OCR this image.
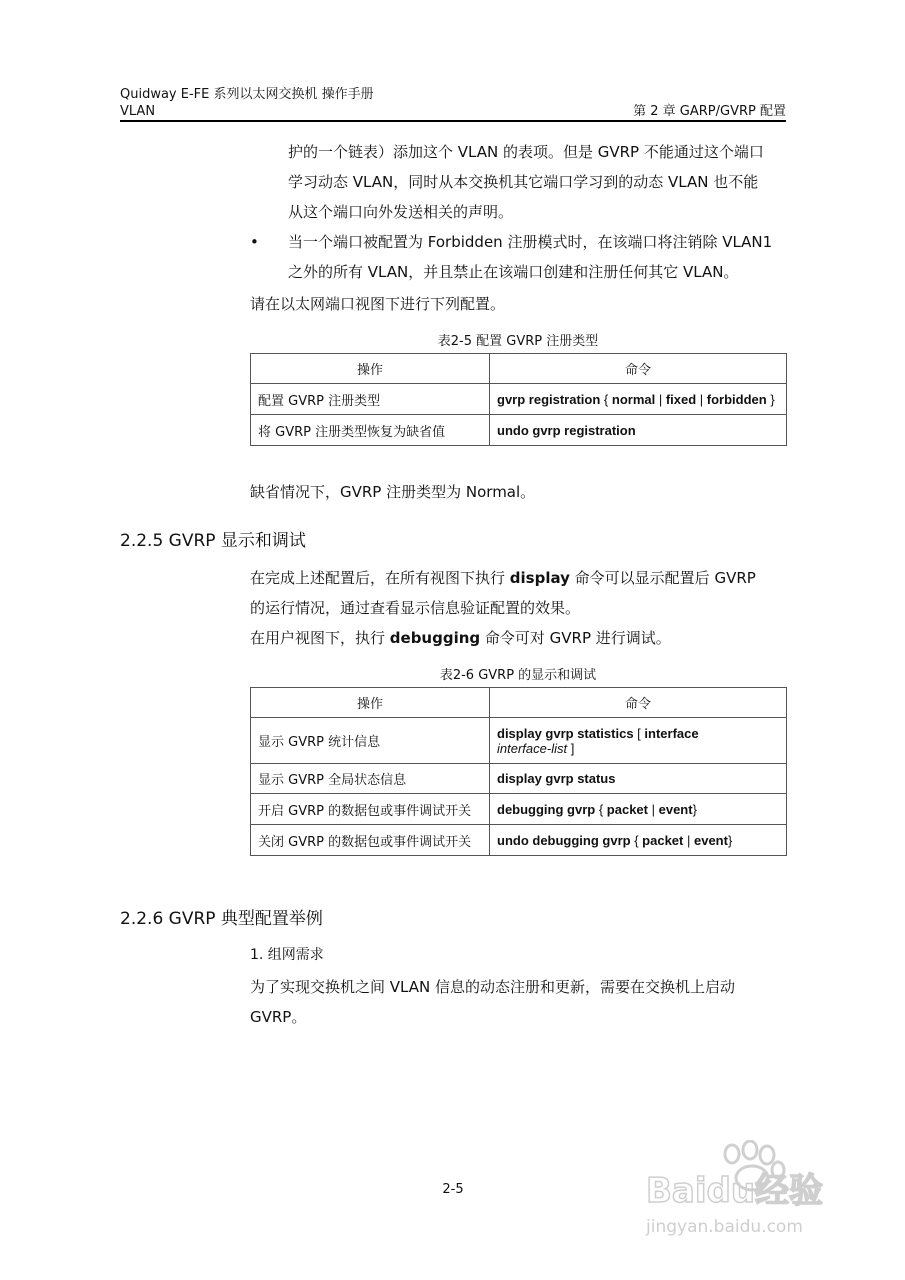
Quidway E-FE 系列以太网交换机 操作手册
VLAN	第 2 章 GARP/GVRP 配置

护的一个链表）添加这个 VLAN 的表项。但是 GVRP 不能通过这个端口

学习动态 VLAN，同时从本交换机其它端口学习到的动态 VLAN 也不能

从这个端口向外发送相关的声明。

• 当一个端口被配置为 Forbidden 注册模式时，在该端口将注销除 VLAN1
之外的所有 VLAN，并且禁止在该端口创建和注册任何其它 VLAN。

请在以太网端口视图下进行下列配置。

表2-5 配置 GVRP 注册类型
操作	命令
配置 GVRP 注册类型	gvrp registration { normal | fixed | forbidden }
将 GVRP 注册类型恢复为缺省值	undo gvrp registration
缺省情况下，GVRP 注册类型为 Normal。
2.2.5 GVRP 显示和调试

在完成上述配置后，在所有视图下执行 display 命令可以显示配置后 GVRP

的运行情况，通过查看显示信息验证配置的效果。

在用户视图下，执行 debugging 命令可对 GVRP 进行调试。

表2-6 GVRP 的显示和调试
操作	命令
显示 GVRP 统计信息	display gvrp statistics [ interface
interface-list ]
显示 GVRP 全局状态信息	display gvrp status
开启 GVRP 的数据包或事件调试开关	debugging gvrp { packet | event}
关闭 GVRP 的数据包或事件调试开关	undo debugging gvrp { packet | event}
2.2.6 GVRP 典型配置举例

1. 组网需求

为了实现交换机之间 VLAN 信息的动态注册和更新，需要在交换机上启动

GVRP。

2-5	Baidu经验
jingyan.baidu.com
